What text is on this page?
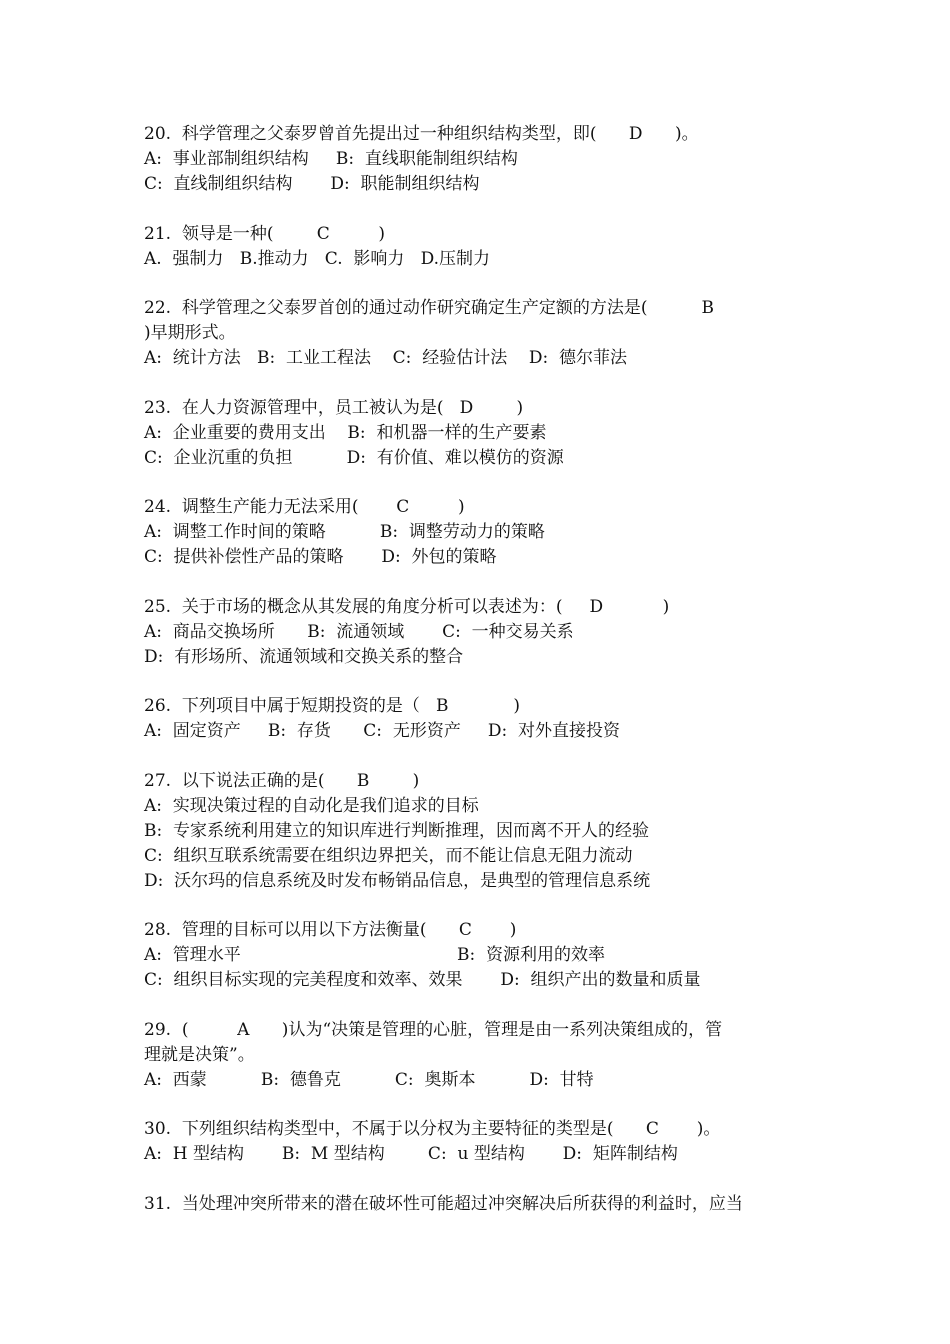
20.  科学管理之父泰罗曾首先提出过一种组织结构类型，即(      D      )。
A:  事业部制组织结构     B:  直线职能制组织结构
C:  直线制组织结构       D:  职能制组织结构
21.  领导是一种(        C         )
A.  强制力   B.推动力   C.  影响力   D.压制力
22.  科学管理之父泰罗首创的通过动作研究确定生产定额的方法是(          B
)早期形式。
A:  统计方法   B:  工业工程法    C:  经验估计法    D:  德尔菲法
23.  在人力资源管理中，员工被认为是(   D        )
A:  企业重要的费用支出    B:  和机器一样的生产要素
C:  企业沉重的负担          D:  有价值、难以模仿的资源
24.  调整生产能力无法采用(       C         )
A:  调整工作时间的策略          B:  调整劳动力的策略
C:  提供补偿性产品的策略       D:  外包的策略
25.  关于市场的概念从其发展的角度分析可以表述为：(     D           )
A:  商品交换场所      B:  流通领域       C:  一种交易关系
D:  有形场所、流通领域和交换关系的整合
26.  下列项目中属于短期投资的是（   B            )
A:  固定资产     B:  存货      C:  无形资产     D:  对外直接投资
27.  以下说法正确的是(      B        )
A:  实现决策过程的自动化是我们追求的目标
B:  专家系统利用建立的知识库进行判断推理，因而离不开人的经验
C:  组织互联系统需要在组织边界把关，而不能让信息无阻力流动
D:  沃尔玛的信息系统及时发布畅销品信息，是典型的管理信息系统
28.  管理的目标可以用以下方法衡量(      C       )
A:  管理水平                                        B:  资源利用的效率
C:  组织目标实现的完美程度和效率、效果       D:  组织产出的数量和质量
29.  (         A      )认为“决策是管理的心脏，管理是由一系列决策组成的，管
理就是决策”。
A:  西蒙          B:  德鲁克          C:  奥斯本          D:  甘特
30.  下列组织结构类型中，不属于以分权为主要特征的类型是(      C       )。
A:  H 型结构       B:  M 型结构        C:  u 型结构       D:  矩阵制结构
31.  当处理冲突所带来的潜在破坏性可能超过冲突解决后所获得的利益时，应当
